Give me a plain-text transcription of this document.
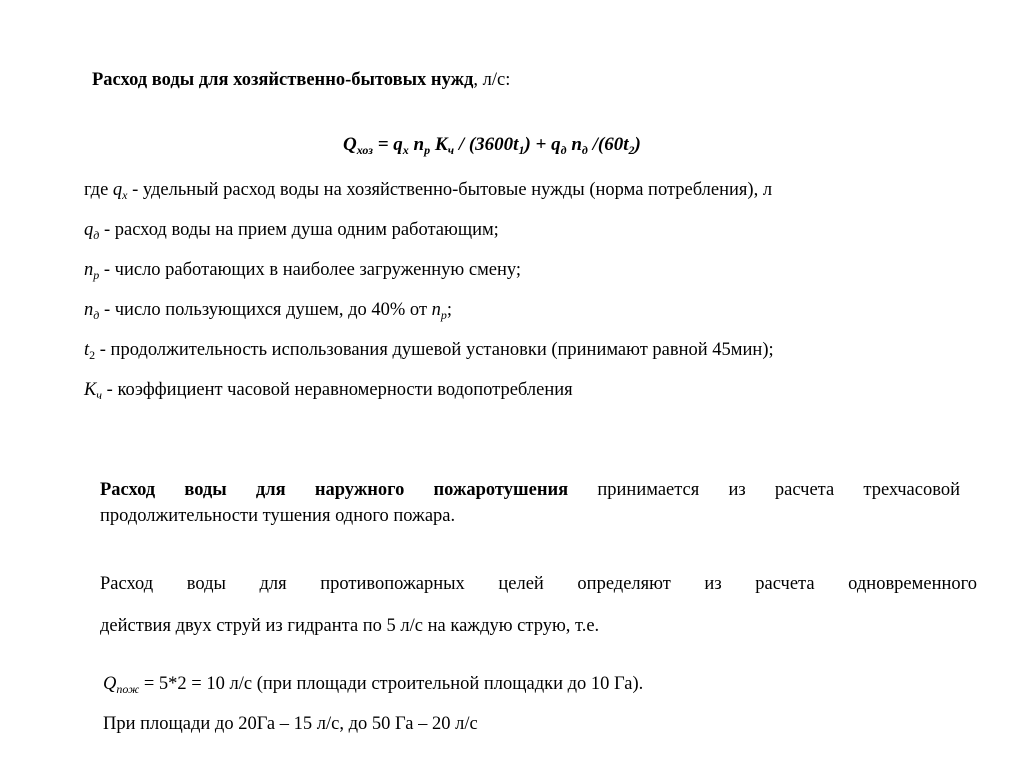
Расход воды для хозяйственно-бытовых нужд, л/с:
$Q_{хоз} = q_х$ $n_р$ $К_ч / (3600t_1) + q_д$ $n_д$ $/(60t_2)$
где $q_х$ - удельный расход воды на хозяйственно-бытовые нужды (норма потребления), л
$q_д$ - расход воды на прием душа одним работающим;
$n_р$ - число работающих в наиболее загруженную смену;
$n_д$ - число пользующихся душем, до 40% от $n_р$;
$t_2$ - продолжительность использования душевой установки (принимают равной 45мин);
$К_ч$ - коэффициент часовой неравномерности водопотребления
Расход воды для наружного пожаротушения принимается из расчета трехчасовой
продолжительности тушения одного пожара.
Расход воды для противопожарных целей определяют из расчета одновременного
действия двух струй из гидранта по 5 л/с на каждую струю, т.е.
$Q_{пож} = 5*2 = 10$ л/с (при площади строительной площадки до 10 Га).
При площади до 20Га – 15 л/с, до 50 Га – 20 л/с
